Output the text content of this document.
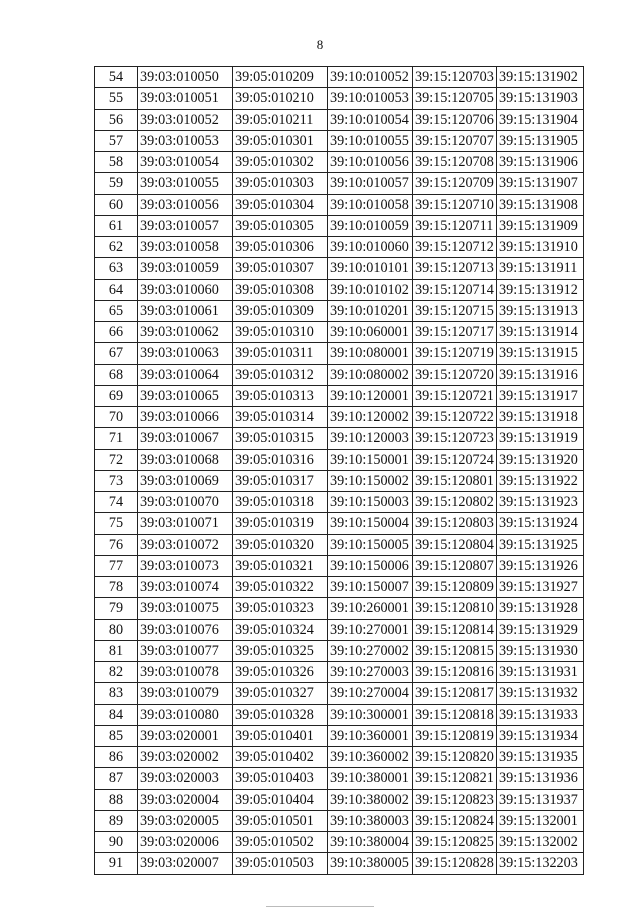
8
54	39:03:010050	39:05:010209	39:10:010052	39:15:120703	39:15:131902
55	39:03:010051	39:05:010210	39:10:010053	39:15:120705	39:15:131903
56	39:03:010052	39:05:010211	39:10:010054	39:15:120706	39:15:131904
57	39:03:010053	39:05:010301	39:10:010055	39:15:120707	39:15:131905
58	39:03:010054	39:05:010302	39:10:010056	39:15:120708	39:15:131906
59	39:03:010055	39:05:010303	39:10:010057	39:15:120709	39:15:131907
60	39:03:010056	39:05:010304	39:10:010058	39:15:120710	39:15:131908
61	39:03:010057	39:05:010305	39:10:010059	39:15:120711	39:15:131909
62	39:03:010058	39:05:010306	39:10:010060	39:15:120712	39:15:131910
63	39:03:010059	39:05:010307	39:10:010101	39:15:120713	39:15:131911
64	39:03:010060	39:05:010308	39:10:010102	39:15:120714	39:15:131912
65	39:03:010061	39:05:010309	39:10:010201	39:15:120715	39:15:131913
66	39:03:010062	39:05:010310	39:10:060001	39:15:120717	39:15:131914
67	39:03:010063	39:05:010311	39:10:080001	39:15:120719	39:15:131915
68	39:03:010064	39:05:010312	39:10:080002	39:15:120720	39:15:131916
69	39:03:010065	39:05:010313	39:10:120001	39:15:120721	39:15:131917
70	39:03:010066	39:05:010314	39:10:120002	39:15:120722	39:15:131918
71	39:03:010067	39:05:010315	39:10:120003	39:15:120723	39:15:131919
72	39:03:010068	39:05:010316	39:10:150001	39:15:120724	39:15:131920
73	39:03:010069	39:05:010317	39:10:150002	39:15:120801	39:15:131922
74	39:03:010070	39:05:010318	39:10:150003	39:15:120802	39:15:131923
75	39:03:010071	39:05:010319	39:10:150004	39:15:120803	39:15:131924
76	39:03:010072	39:05:010320	39:10:150005	39:15:120804	39:15:131925
77	39:03:010073	39:05:010321	39:10:150006	39:15:120807	39:15:131926
78	39:03:010074	39:05:010322	39:10:150007	39:15:120809	39:15:131927
79	39:03:010075	39:05:010323	39:10:260001	39:15:120810	39:15:131928
80	39:03:010076	39:05:010324	39:10:270001	39:15:120814	39:15:131929
81	39:03:010077	39:05:010325	39:10:270002	39:15:120815	39:15:131930
82	39:03:010078	39:05:010326	39:10:270003	39:15:120816	39:15:131931
83	39:03:010079	39:05:010327	39:10:270004	39:15:120817	39:15:131932
84	39:03:010080	39:05:010328	39:10:300001	39:15:120818	39:15:131933
85	39:03:020001	39:05:010401	39:10:360001	39:15:120819	39:15:131934
86	39:03:020002	39:05:010402	39:10:360002	39:15:120820	39:15:131935
87	39:03:020003	39:05:010403	39:10:380001	39:15:120821	39:15:131936
88	39:03:020004	39:05:010404	39:10:380002	39:15:120823	39:15:131937
89	39:03:020005	39:05:010501	39:10:380003	39:15:120824	39:15:132001
90	39:03:020006	39:05:010502	39:10:380004	39:15:120825	39:15:132002
91	39:03:020007	39:05:010503	39:10:380005	39:15:120828	39:15:132203
